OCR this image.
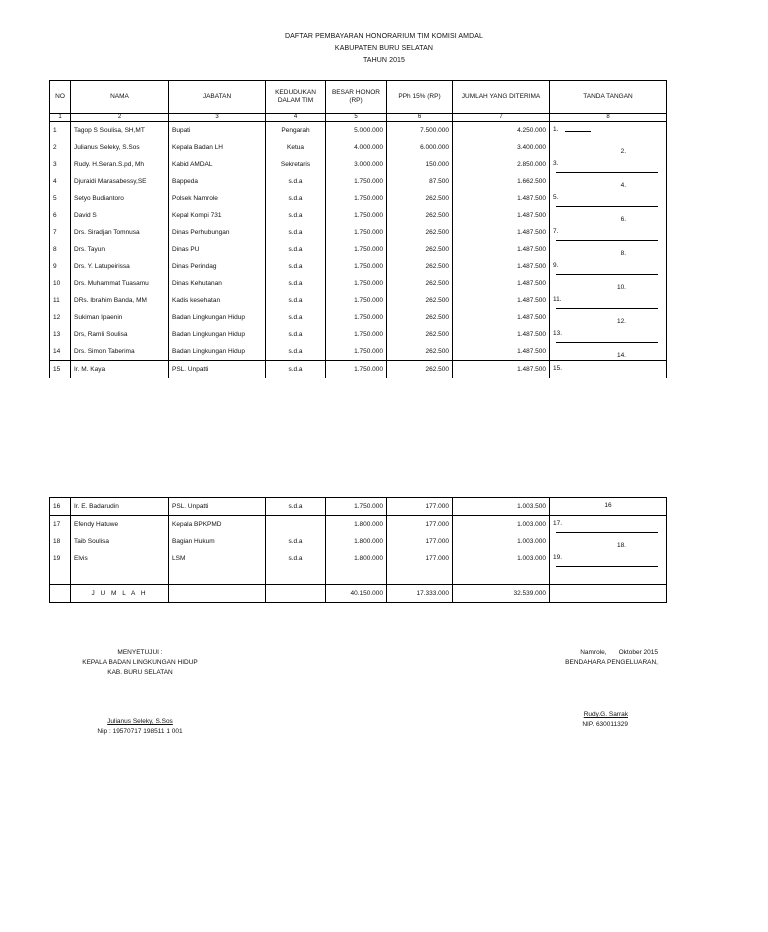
DAFTAR PEMBAYARAN HONORARIUM TIM KOMISI AMDAL
KABUPATEN BURU SELATAN
TAHUN 2015
NO	NAMA	JABATAN	KEDUDUKAN DALAM TIM	BESAR HONOR (RP)	PPh 15% (RP)	JUMLAH YANG DITERIMA	TANDA TANGAN
1	2	3	4	5	6	7	8
1	Tagop S Soulisa, SH,MT	Bupati	Pengarah	5.000.000	7.500.000	4.250.000	1.

2	Julianus Seleky, S.Sos	Kepala Badan LH	Ketua	4.000.000	6.000.000	3.400.000	2.

3	Rudy. H.Seran.S.pd, Mh	Kabid AMDAL	Sekretaris	3.000.000	150.000	2.850.000	3.

4	Djuraidi Marasabessy,SE	Bappeda	s.d.a	1.750.000	87.500	1.662.500	4.

5	Setyo Budiantoro	Polsek Namrole	s.d.a	1.750.000	262.500	1.487.500	5.

6	David S	Kepal Kompi 731	s.d.a	1.750.000	262.500	1.487.500	6.

7	Drs. Siradjan Tomnusa	Dinas Perhubungan	s.d.a	1.750.000	262.500	1.487.500	7.

8	Drs. Tayun	Dinas PU	s.d.a	1.750.000	262.500	1.487.500	8.

9	Drs. Y. Latupeirissa	Dinas Perindag	s.d.a	1.750.000	262.500	1.487.500	9.

10	Drs. Muhammat Tuasamu	Dinas Kehutanan	s.d.a	1.750.000	262.500	1.487.500	10.

11	DRs. Ibrahim Banda, MM	Kadis kesehatan	s.d.a	1.750.000	262.500	1.487.500	11.

12	Sukiman Ipaenin	Badan Lingkungan Hidup	s.d.a	1.750.000	262.500	1.487.500	12.

13	Drs, Ramli Soulisa	Badan Lingkungan Hidup	s.d.a	1.750.000	262.500	1.487.500	13.

14	Drs. Simon Taberima	Badan Lingkungan Hidup	s.d.a	1.750.000	262.500	1.487.500	14.

15	Ir. M. Kaya	PSL. Unpatti	s.d.a	1.750.000	262.500	1.487.500	15.
16	Ir. E. Badarudin	PSL. Unpatti	s.d.a	1.750.000	177.000	1.003.500	16

17	Efendy Hatuwe	Kepala BPKPMD		1.800.000	177.000	1.003.000	17.

18	Taib Soulisa	Bagian Hukum	s.d.a	1.800.000	177.000	1.003.000	18.

19	Elvis	LSM	s.d.a	1.800.000	177.000	1.003.000	19.

	J U M L A H			40.150.000	17.333.000	32.539.000	
MENYETUJUI :
KEPALA BADAN LINGKUNGAN HIDUP
KAB. BURU SELATAN
Julianus Seleky, S.Sos
Nip : 19570717 198511 1 001
Namrole, Oktober 2015
BENDAHARA PENGELUARAN,
Rudy.G. Sarrak
NIP. 630011329
